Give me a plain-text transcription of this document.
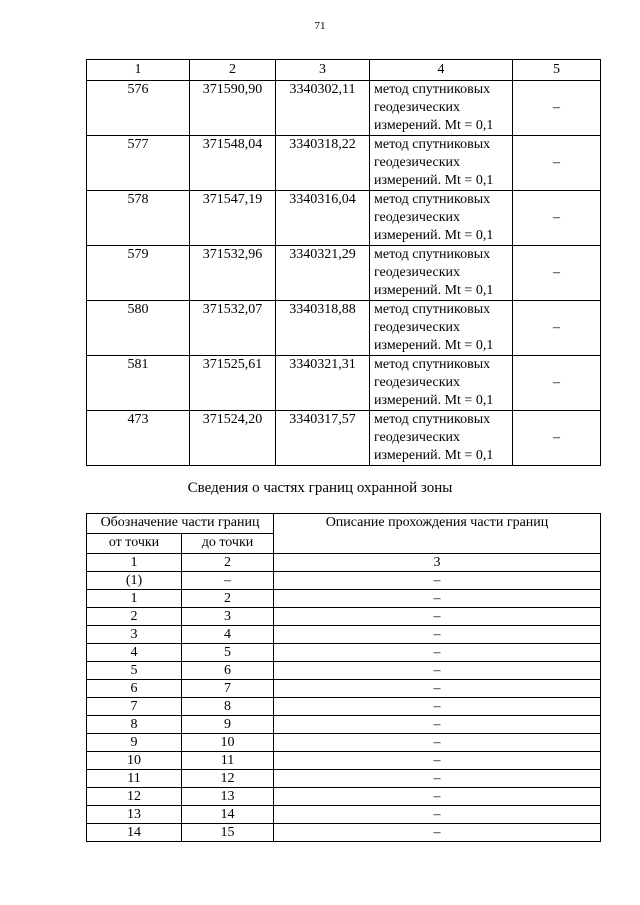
71
1	2	3	4	5
576	371590,90	3340302,11	метод спутниковых
геодезических
измерений. Mt = 0,1	–
577	371548,04	3340318,22	метод спутниковых
геодезических
измерений. Mt = 0,1	–
578	371547,19	3340316,04	метод спутниковых
геодезических
измерений. Mt = 0,1	–
579	371532,96	3340321,29	метод спутниковых
геодезических
измерений. Mt = 0,1	–
580	371532,07	3340318,88	метод спутниковых
геодезических
измерений. Mt = 0,1	–
581	371525,61	3340321,31	метод спутниковых
геодезических
измерений. Mt = 0,1	–
473	371524,20	3340317,57	метод спутниковых
геодезических
измерений. Mt = 0,1	–
Сведения о частях границ охранной зоны
Обозначение части границ		Описание прохождения части границ
от точки	до точки	
1	2	3
(1)	–	–
1	2	–
2	3	–
3	4	–
4	5	–
5	6	–
6	7	–
7	8	–
8	9	–
9	10	–
10	11	–
11	12	–
12	13	–
13	14	–
14	15	–
